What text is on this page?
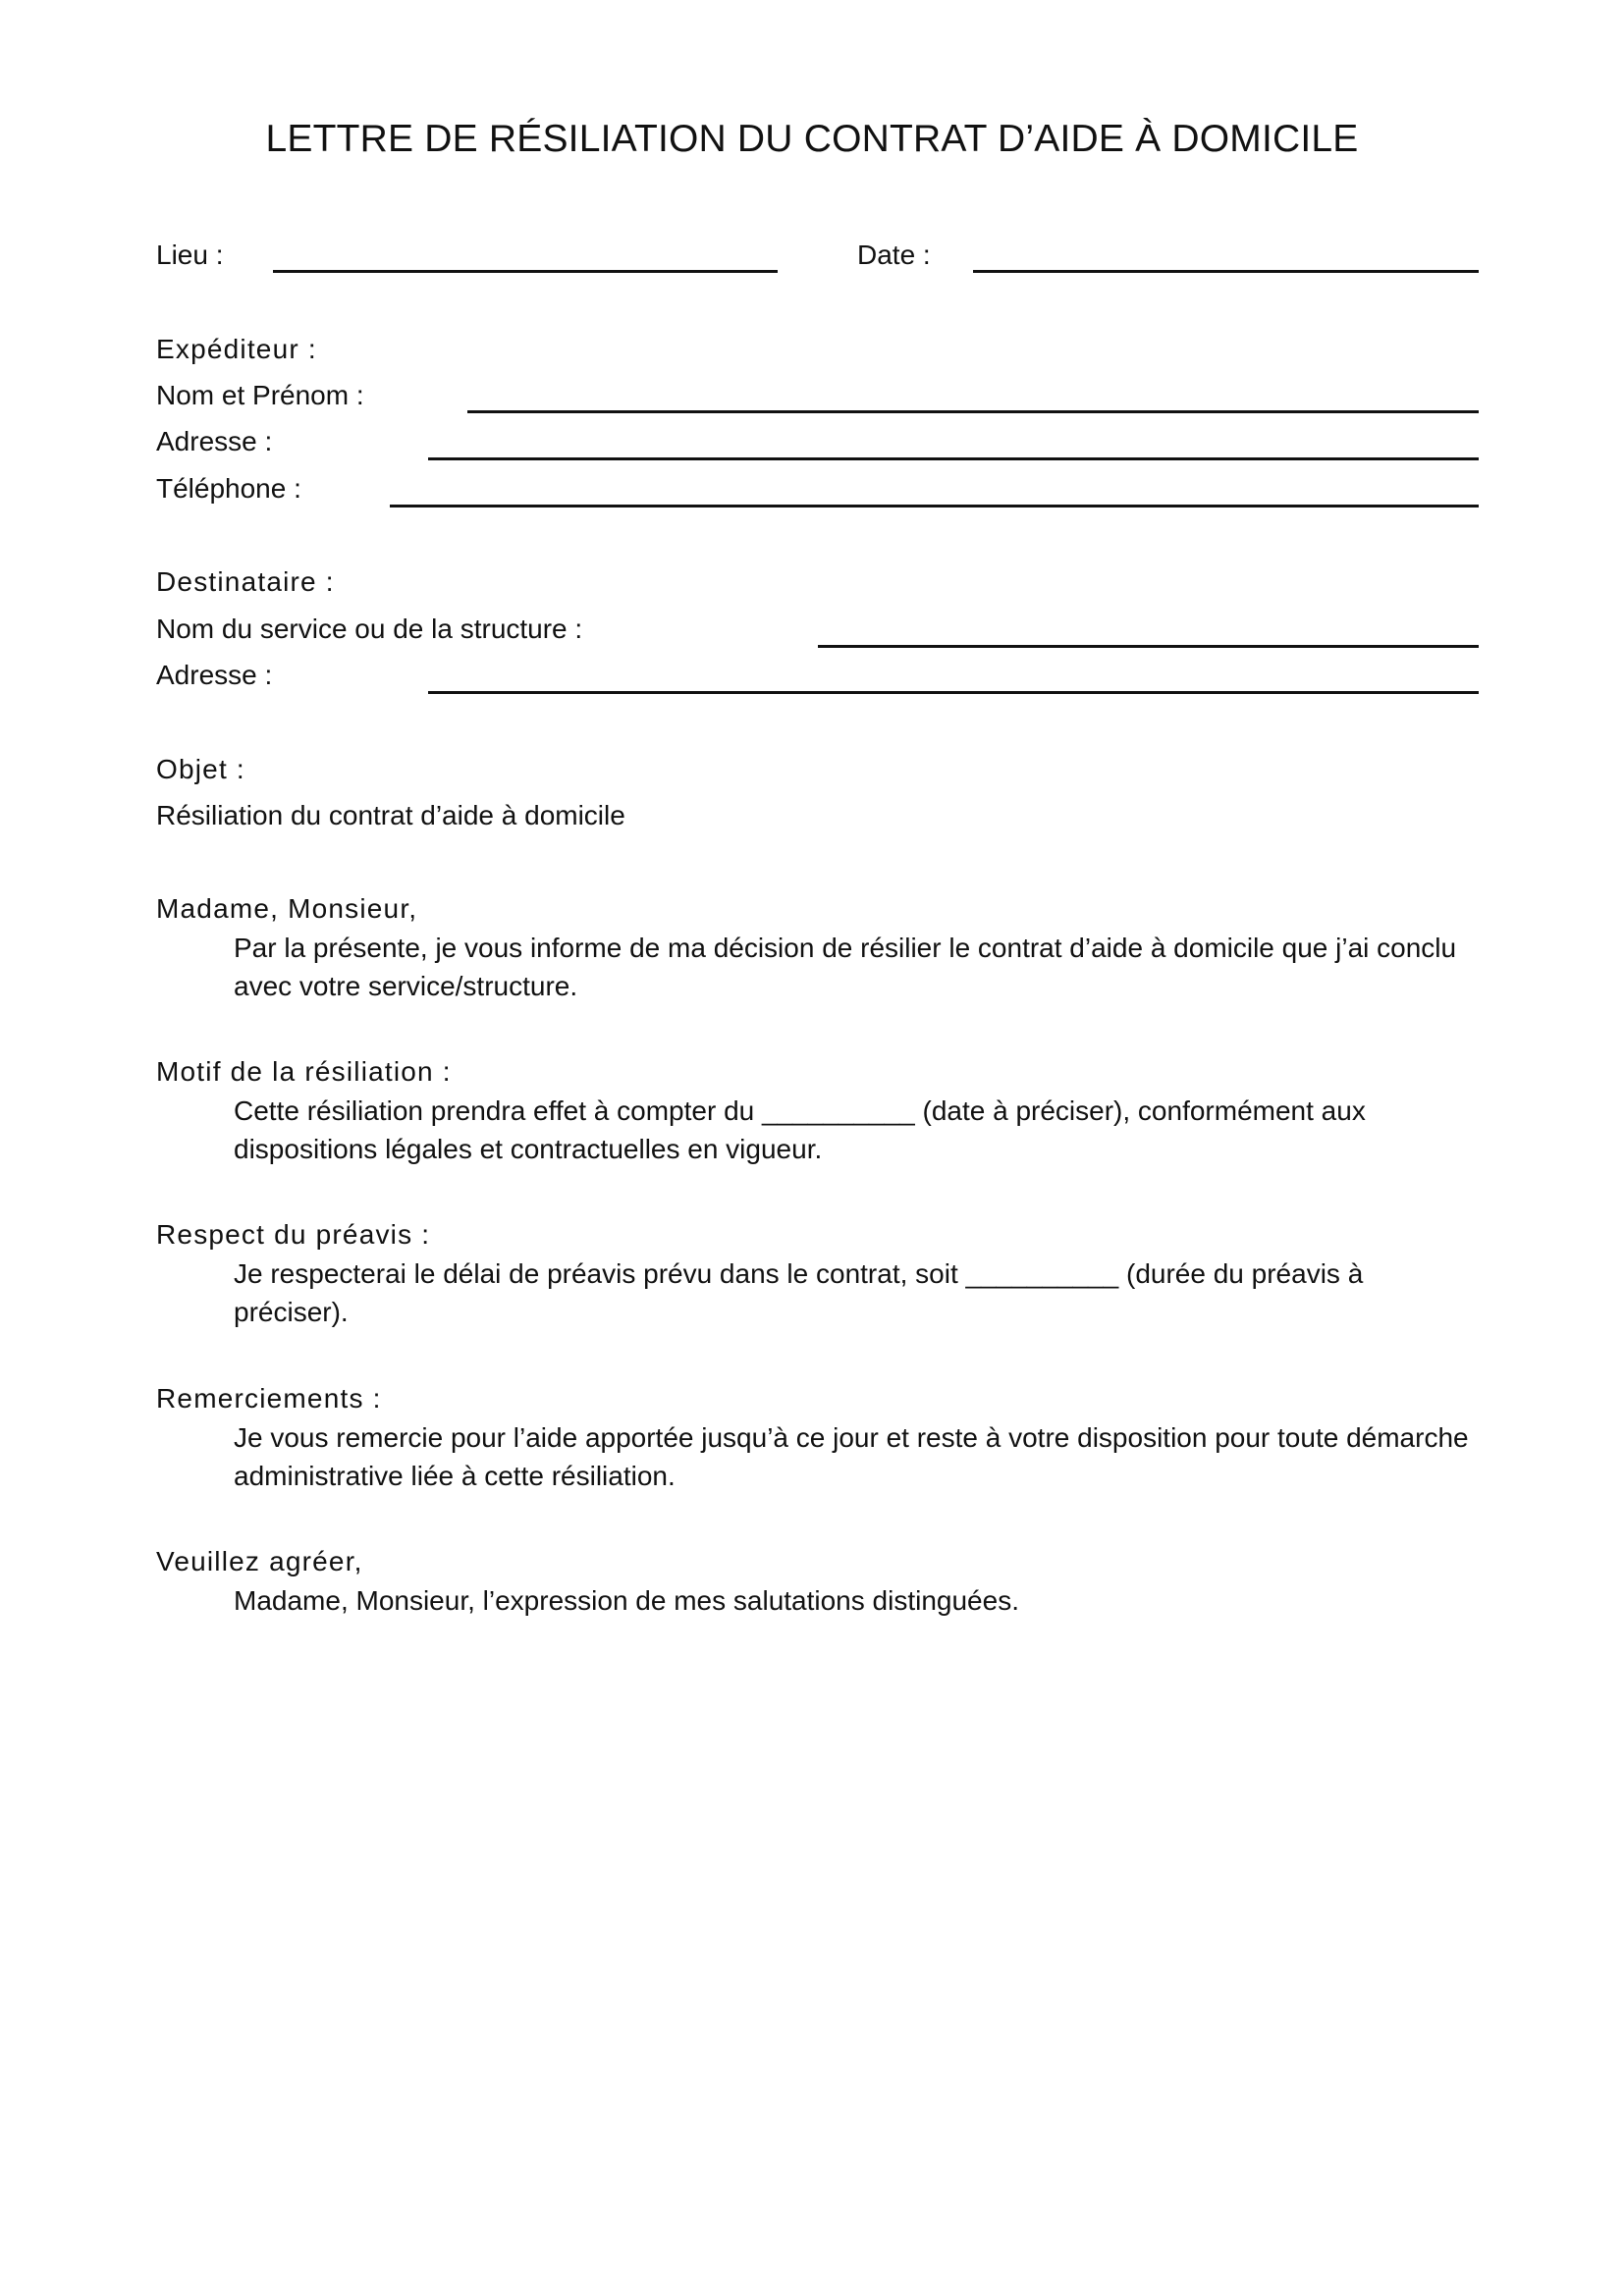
LETTRE DE RÉSILIATION DU CONTRAT D’AIDE À DOMICILE
Lieu :	Date :
Expéditeur :
Nom et Prénom :
Adresse :
Téléphone :
Destinataire :
Nom du service ou de la structure :
Adresse :
Objet :
Résiliation du contrat d’aide à domicile
Madame, Monsieur,
Par la présente, je vous informe de ma décision de résilier le contrat d’aide à domicile que j’ai conclu
avec votre service/structure.
Motif de la résiliation :
Cette résiliation prendra effet à compter du __________ (date à préciser), conformément aux
dispositions légales et contractuelles en vigueur.
Respect du préavis :
Je respecterai le délai de préavis prévu dans le contrat, soit __________ (durée du préavis à
préciser).
Remerciements :
Je vous remercie pour l’aide apportée jusqu’à ce jour et reste à votre disposition pour toute démarche
administrative liée à cette résiliation.
Veuillez agréer,
Madame, Monsieur, l’expression de mes salutations distinguées.
